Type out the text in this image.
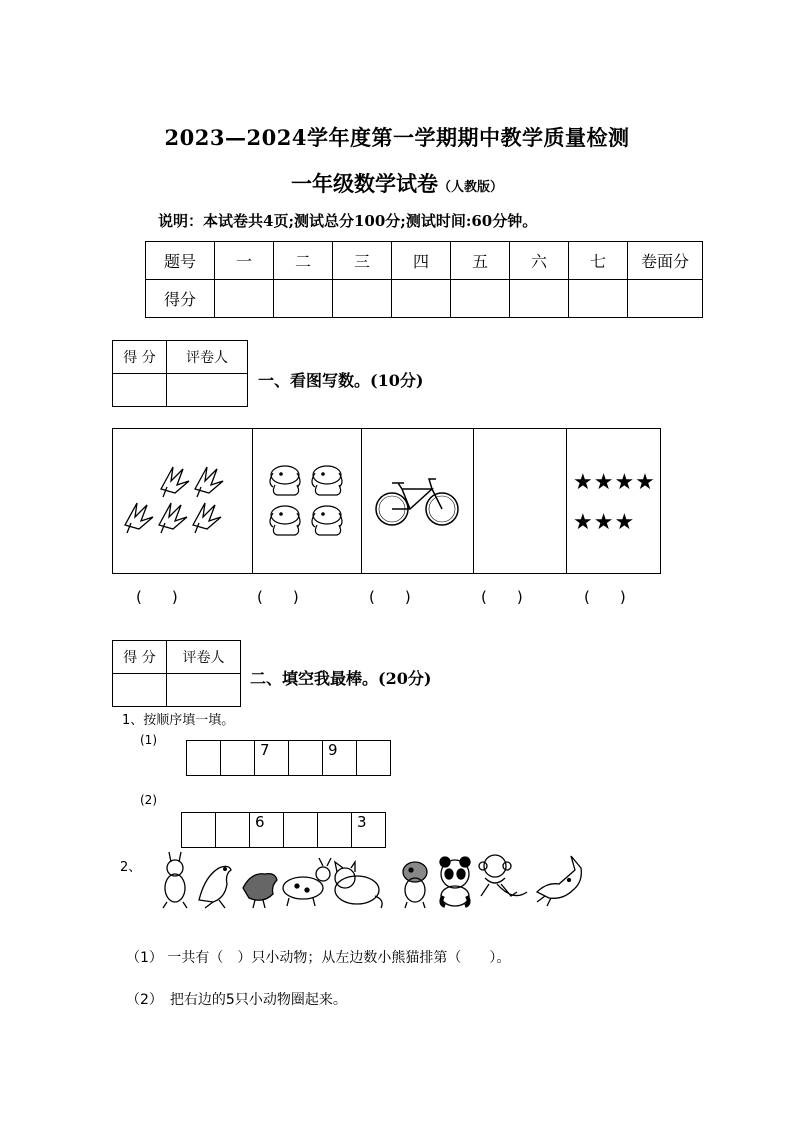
2023—2024学年度第一学期期中教学质量检测
一年级数学试卷（人教版）
说明：本试卷共4页;测试总分100分;测试时间:60分钟。
题号	一	二	三	四	五	六	七	卷面分
得分								
得 分	评卷人

一、看图写数。(10分)
★★★★
★★★
(　　)	(　　)	(　　)	(　　)	(　　)
得 分	评卷人

二、填空我最棒。(20分)
1、按顺序填一填。
(1)
		7		9	
(2)
		6			3
2、
（1） 一共有（　）只小动物；从左边数小熊猫排第（　　）。
（2）　把右边的5只小动物圈起来。
